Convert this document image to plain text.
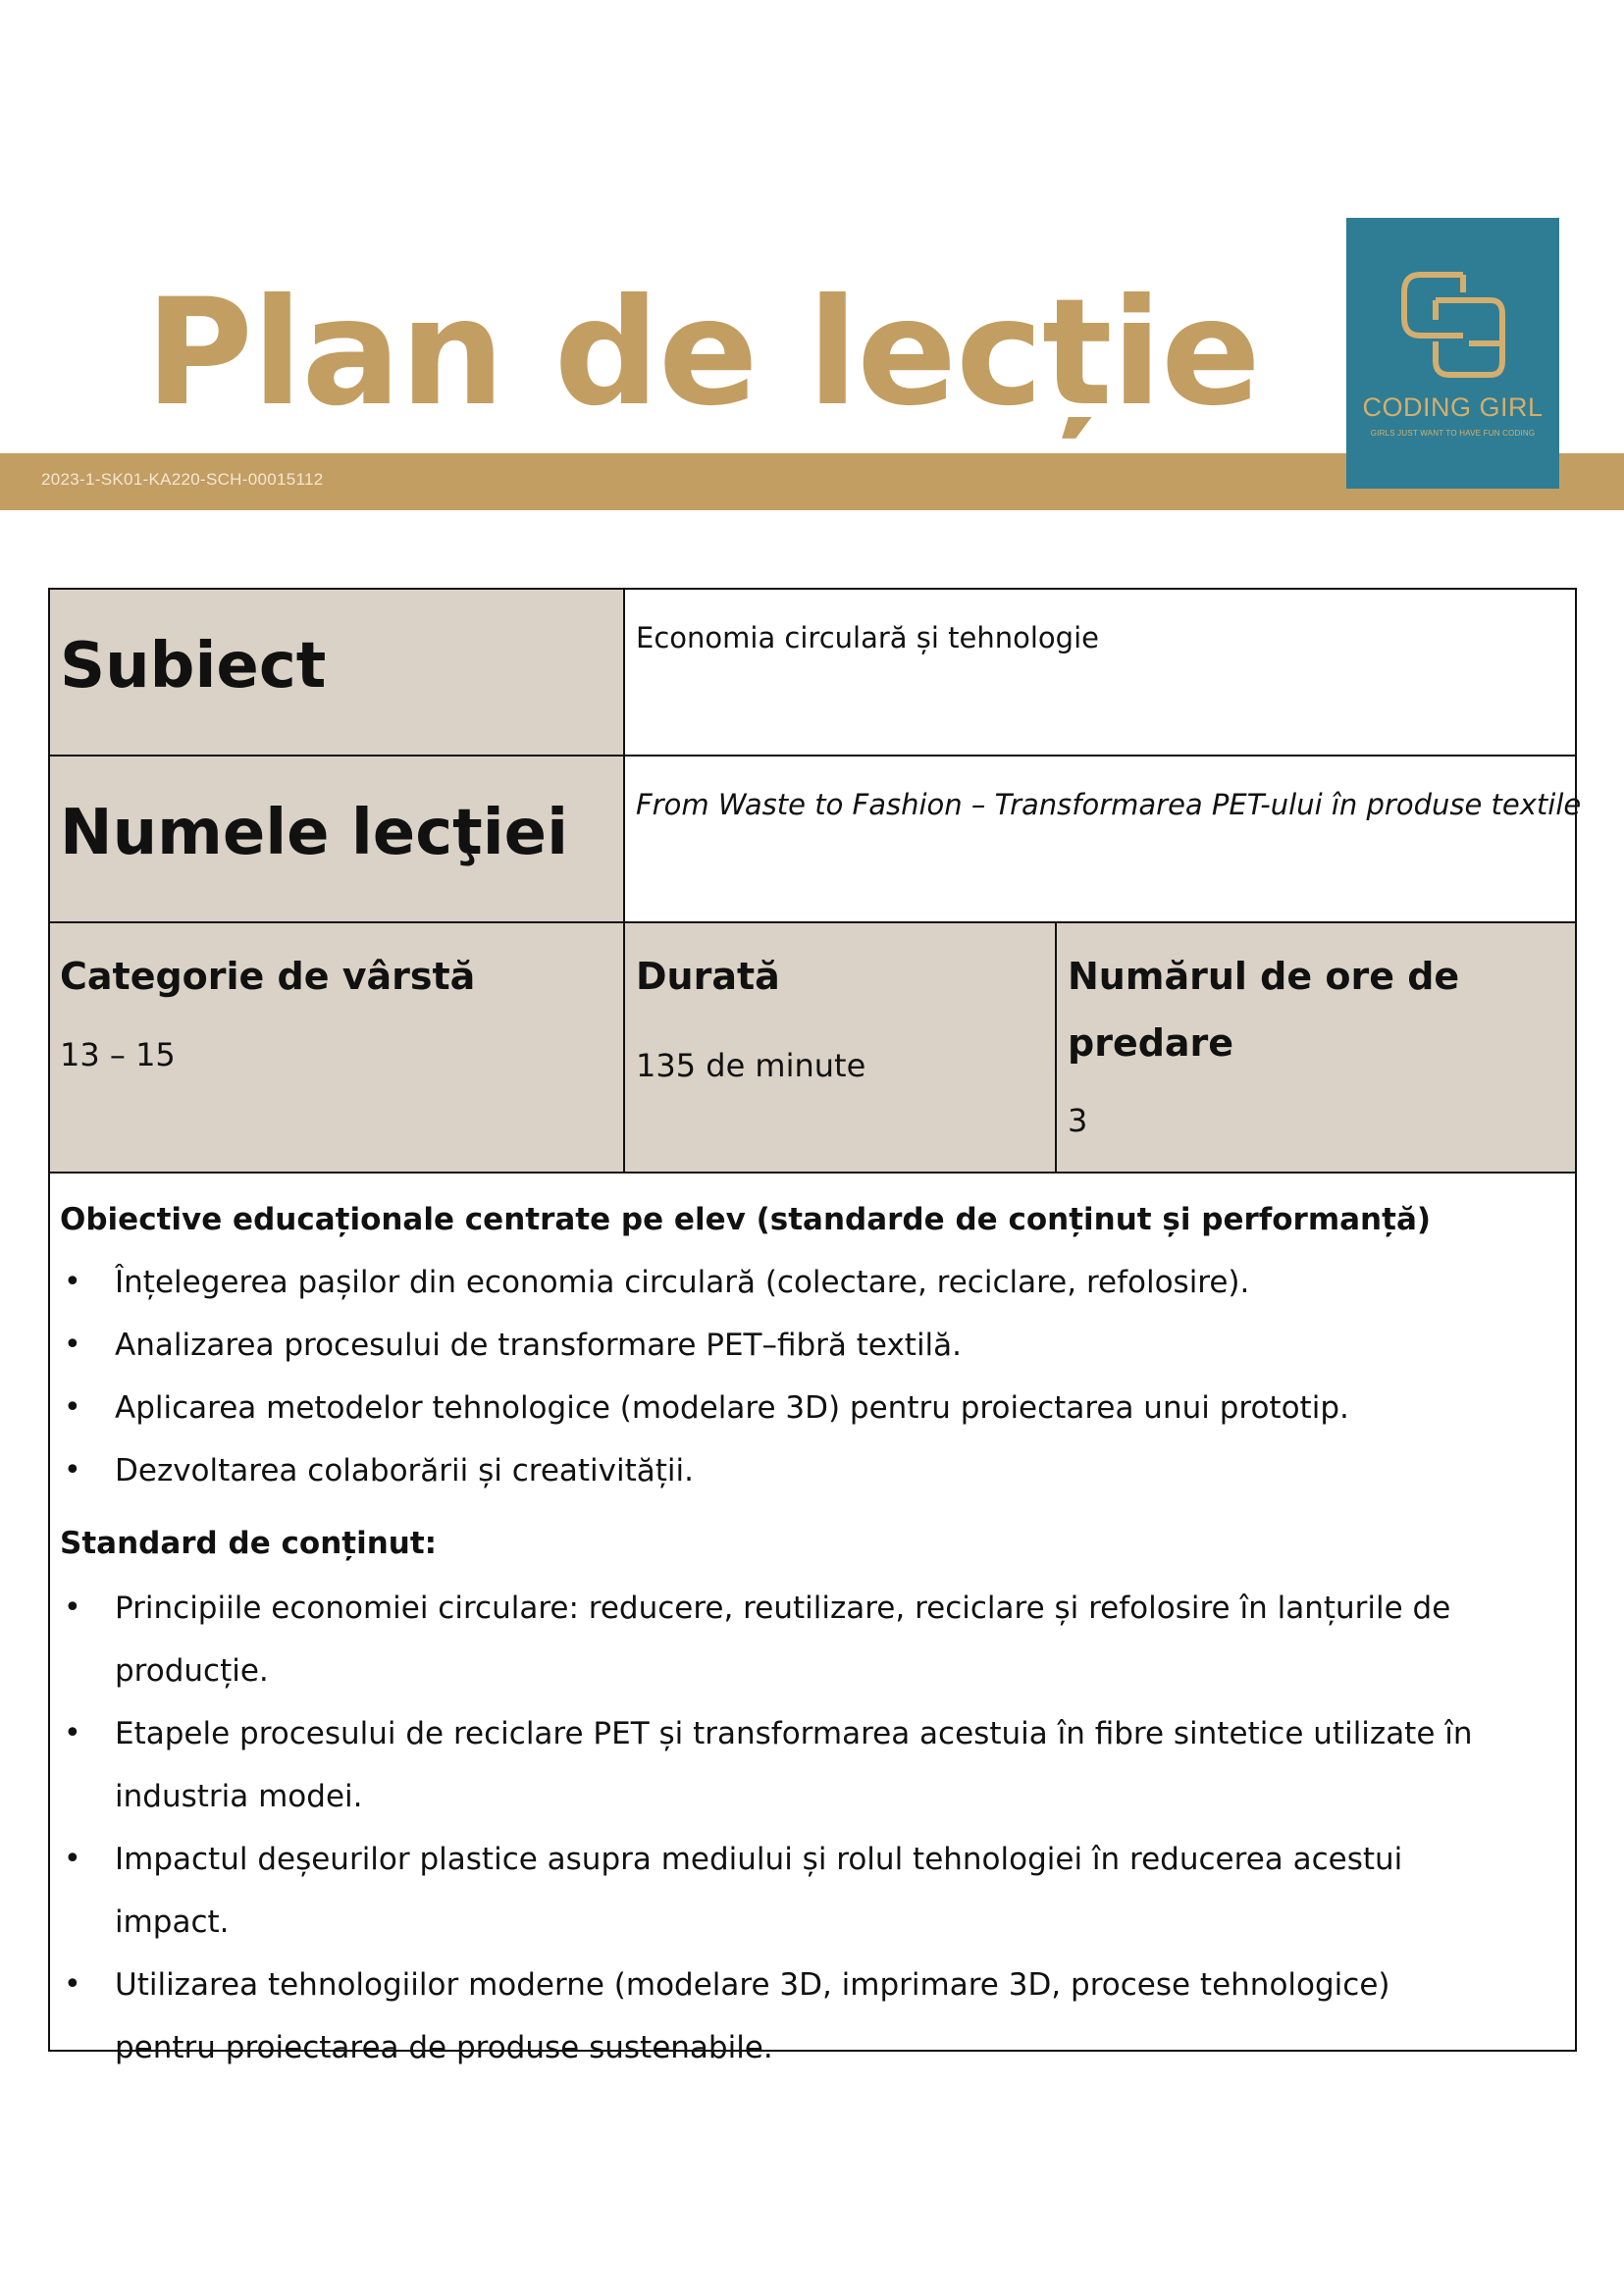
Plan de lecție
2023-1-SK01-KA220-SCH-00015112
CODING GIRL
GIRLS JUST WANT TO HAVE FUN CODING
Subiect	Economia circulară și tehnologie
Numele lecţiei From Waste to Fashion – Transformarea PET-ului în produse textile
Categorie de vârstă
13 – 15
Durată
135 de minute
Numărul de ore de predare
3
Obiective educaționale centrate pe elev (standarde de conținut și performanță)
• Înțelegerea pașilor din economia circulară (colectare, reciclare, refolosire).
• Analizarea procesului de transformare PET–fibră textilă.
• Aplicarea metodelor tehnologice (modelare 3D) pentru proiectarea unui prototip.
• Dezvoltarea colaborării și creativității.
Standard de conținut:
• Principiile economiei circulare: reducere, reutilizare, reciclare și refolosire în lanțurile de producție.
• Etapele procesului de reciclare PET și transformarea acestuia în fibre sintetice utilizate în industria modei.
• Impactul deșeurilor plastice asupra mediului și rolul tehnologiei în reducerea acestui impact.
• Utilizarea tehnologiilor moderne (modelare 3D, imprimare 3D, procese tehnologice) pentru proiectarea de produse sustenabile.
